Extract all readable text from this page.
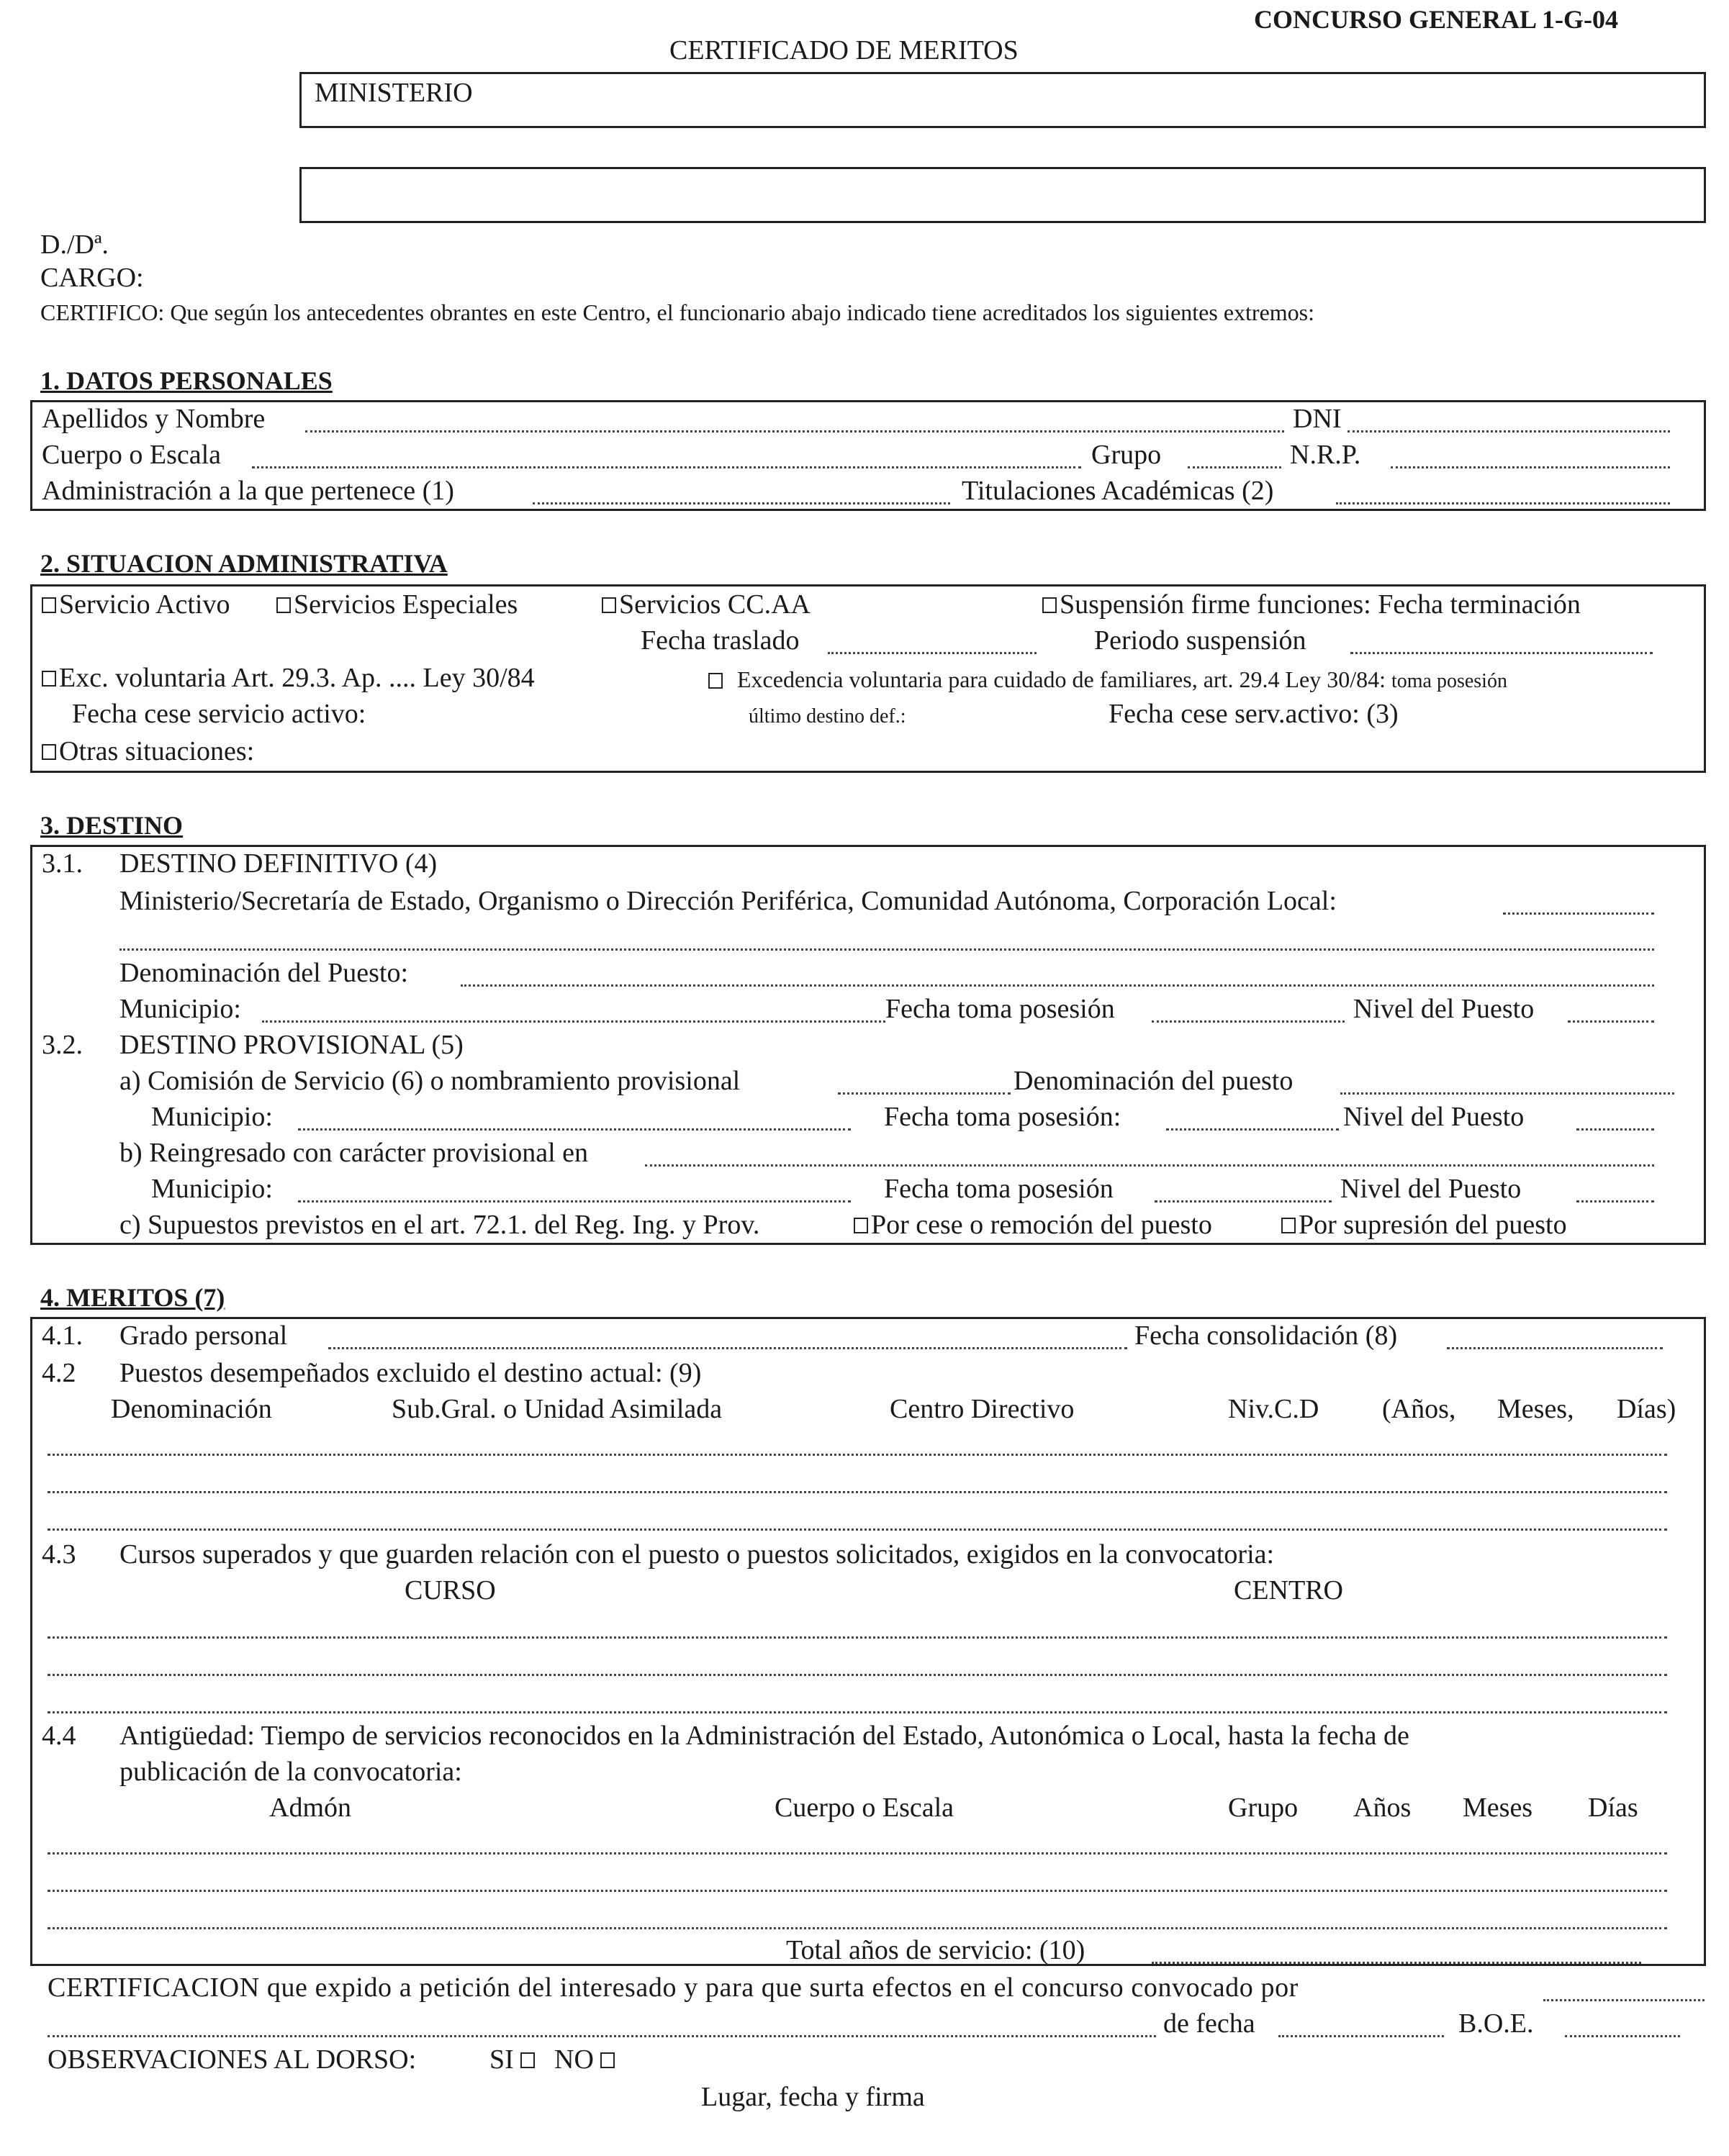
CONCURSO GENERAL 1-G-04
CERTIFICADO DE MERITOS
MINISTERIO
D./Dª.
CARGO:
CERTIFICO: Que según los antecedentes obrantes en este Centro, el funcionario abajo indicado tiene acreditados los siguientes extremos:
1. DATOS PERSONALES
Apellidos y Nombre	DNI
Cuerpo o Escala	Grupo	N.R.P.
Administración a la que pertenece (1)	Titulaciones Académicas (2)
2. SITUACION ADMINISTRATIVA
Servicio Activo	Servicios Especiales	Servicios CC.AA	Suspensión firme funciones: Fecha terminación
Fecha traslado	Periodo suspensión
Exc. voluntaria Art. 29.3. Ap. .... Ley 30/84	Excedencia voluntaria para cuidado de familiares, art. 29.4 Ley 30/84: toma posesión
Fecha cese servicio activo:	último destino def.:	Fecha cese serv.activo: (3)
Otras situaciones:
3. DESTINO
3.1. DESTINO DEFINITIVO (4)
Ministerio/Secretaría de Estado, Organismo o Dirección Periférica, Comunidad Autónoma, Corporación Local:
Denominación del Puesto:
Municipio:	Fecha toma posesión	Nivel del Puesto
3.2. DESTINO PROVISIONAL (5)
a) Comisión de Servicio (6) o nombramiento provisional	Denominación del puesto
Municipio:	Fecha toma posesión:	Nivel del Puesto
b) Reingresado con carácter provisional en
Municipio:	Fecha toma posesión	Nivel del Puesto
c) Supuestos previstos en el art. 72.1. del Reg. Ing. y Prov.	Por cese o remoción del puesto	Por supresión del puesto
4. MERITOS (7)
4.1. Grado personal	Fecha consolidación (8)
4.2 Puestos desempeñados excluido el destino actual: (9)
Denominación	Sub.Gral. o Unidad Asimilada	Centro Directivo	Niv.C.D (Años, Meses, Días)
4.3 Cursos superados y que guarden relación con el puesto o puestos solicitados, exigidos en la convocatoria:
CURSO	CENTRO
4.4 Antigüedad: Tiempo de servicios reconocidos en la Administración del Estado, Autonómica o Local, hasta la fecha de
publicación de la convocatoria:
Admón	Cuerpo o Escala	Grupo Años Meses Días
Total años de servicio: (10)
CERTIFICACION que expido a petición del interesado y para que surta efectos en el concurso convocado por
de fecha	B.O.E.
OBSERVACIONES AL DORSO:	SI	NO
Lugar, fecha y firma
